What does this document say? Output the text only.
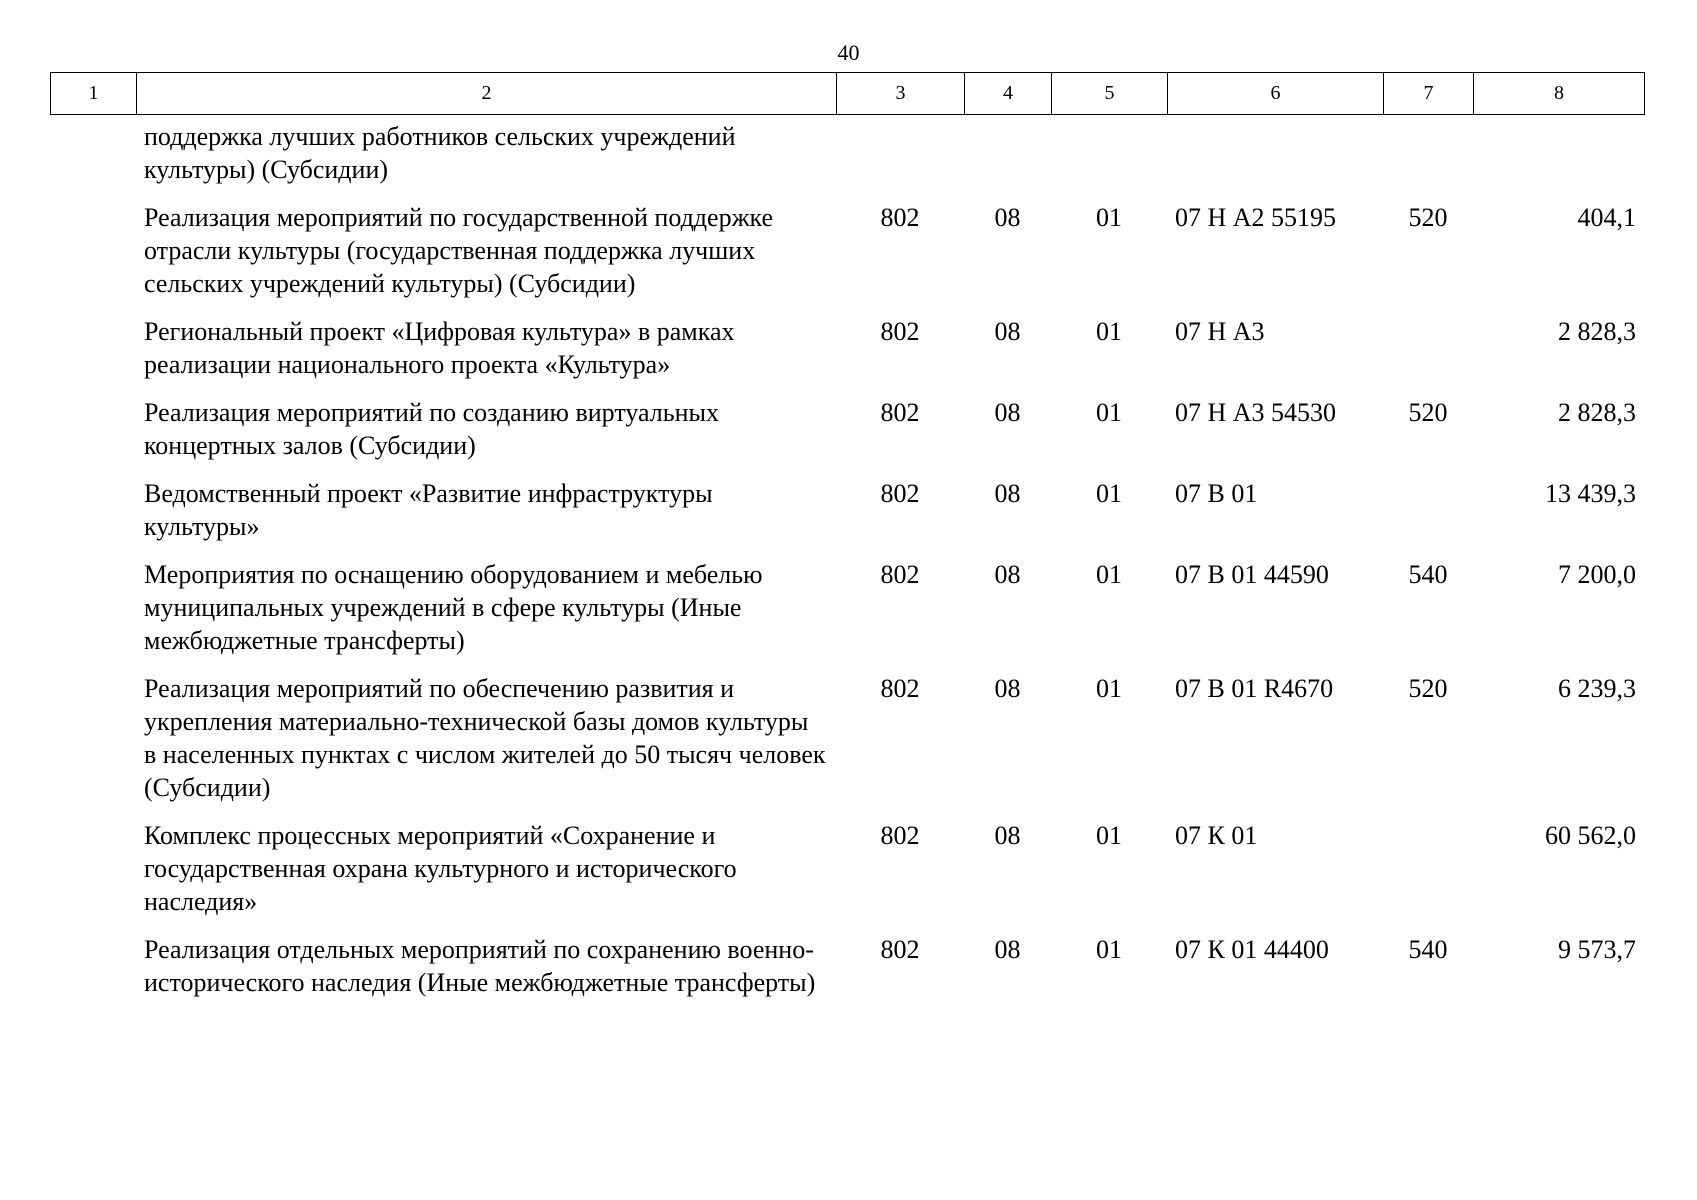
40
1	2	3	4	5	6	7	8
поддержка лучших работников сельских учреждений культуры) (Субсидии)						
Реализация мероприятий по государственной поддержке отрасли культуры (государственная поддержка лучших сельских учреждений культуры) (Субсидии)	802	08	01	07 Н А2 55195	520	404,1
Региональный проект «Цифровая культура» в рамках реализации национального проекта «Культура»	802	08	01	07 Н А3		2 828,3
Реализация мероприятий по созданию виртуальных концертных залов (Субсидии)	802	08	01	07 Н А3 54530	520	2 828,3
Ведомственный проект «Развитие инфраструктуры культуры»	802	08	01	07 В 01		13 439,3
Мероприятия по оснащению оборудованием и мебелью муниципальных учреждений в сфере культуры (Иные межбюджетные трансферты)	802	08	01	07 В 01 44590	540	7 200,0
Реализация мероприятий по обеспечению развития и укрепления материально-технической базы домов культуры в населенных пунктах с числом жителей до 50 тысяч человек (Субсидии)	802	08	01	07 В 01 R4670	520	6 239,3
Комплекс процессных мероприятий «Сохранение и государственная охрана культурного и исторического наследия»	802	08	01	07 К 01		60 562,0
Реализация отдельных мероприятий по сохранению военно-исторического наследия (Иные межбюджетные трансферты)	802	08	01	07 К 01 44400	540	9 573,7
